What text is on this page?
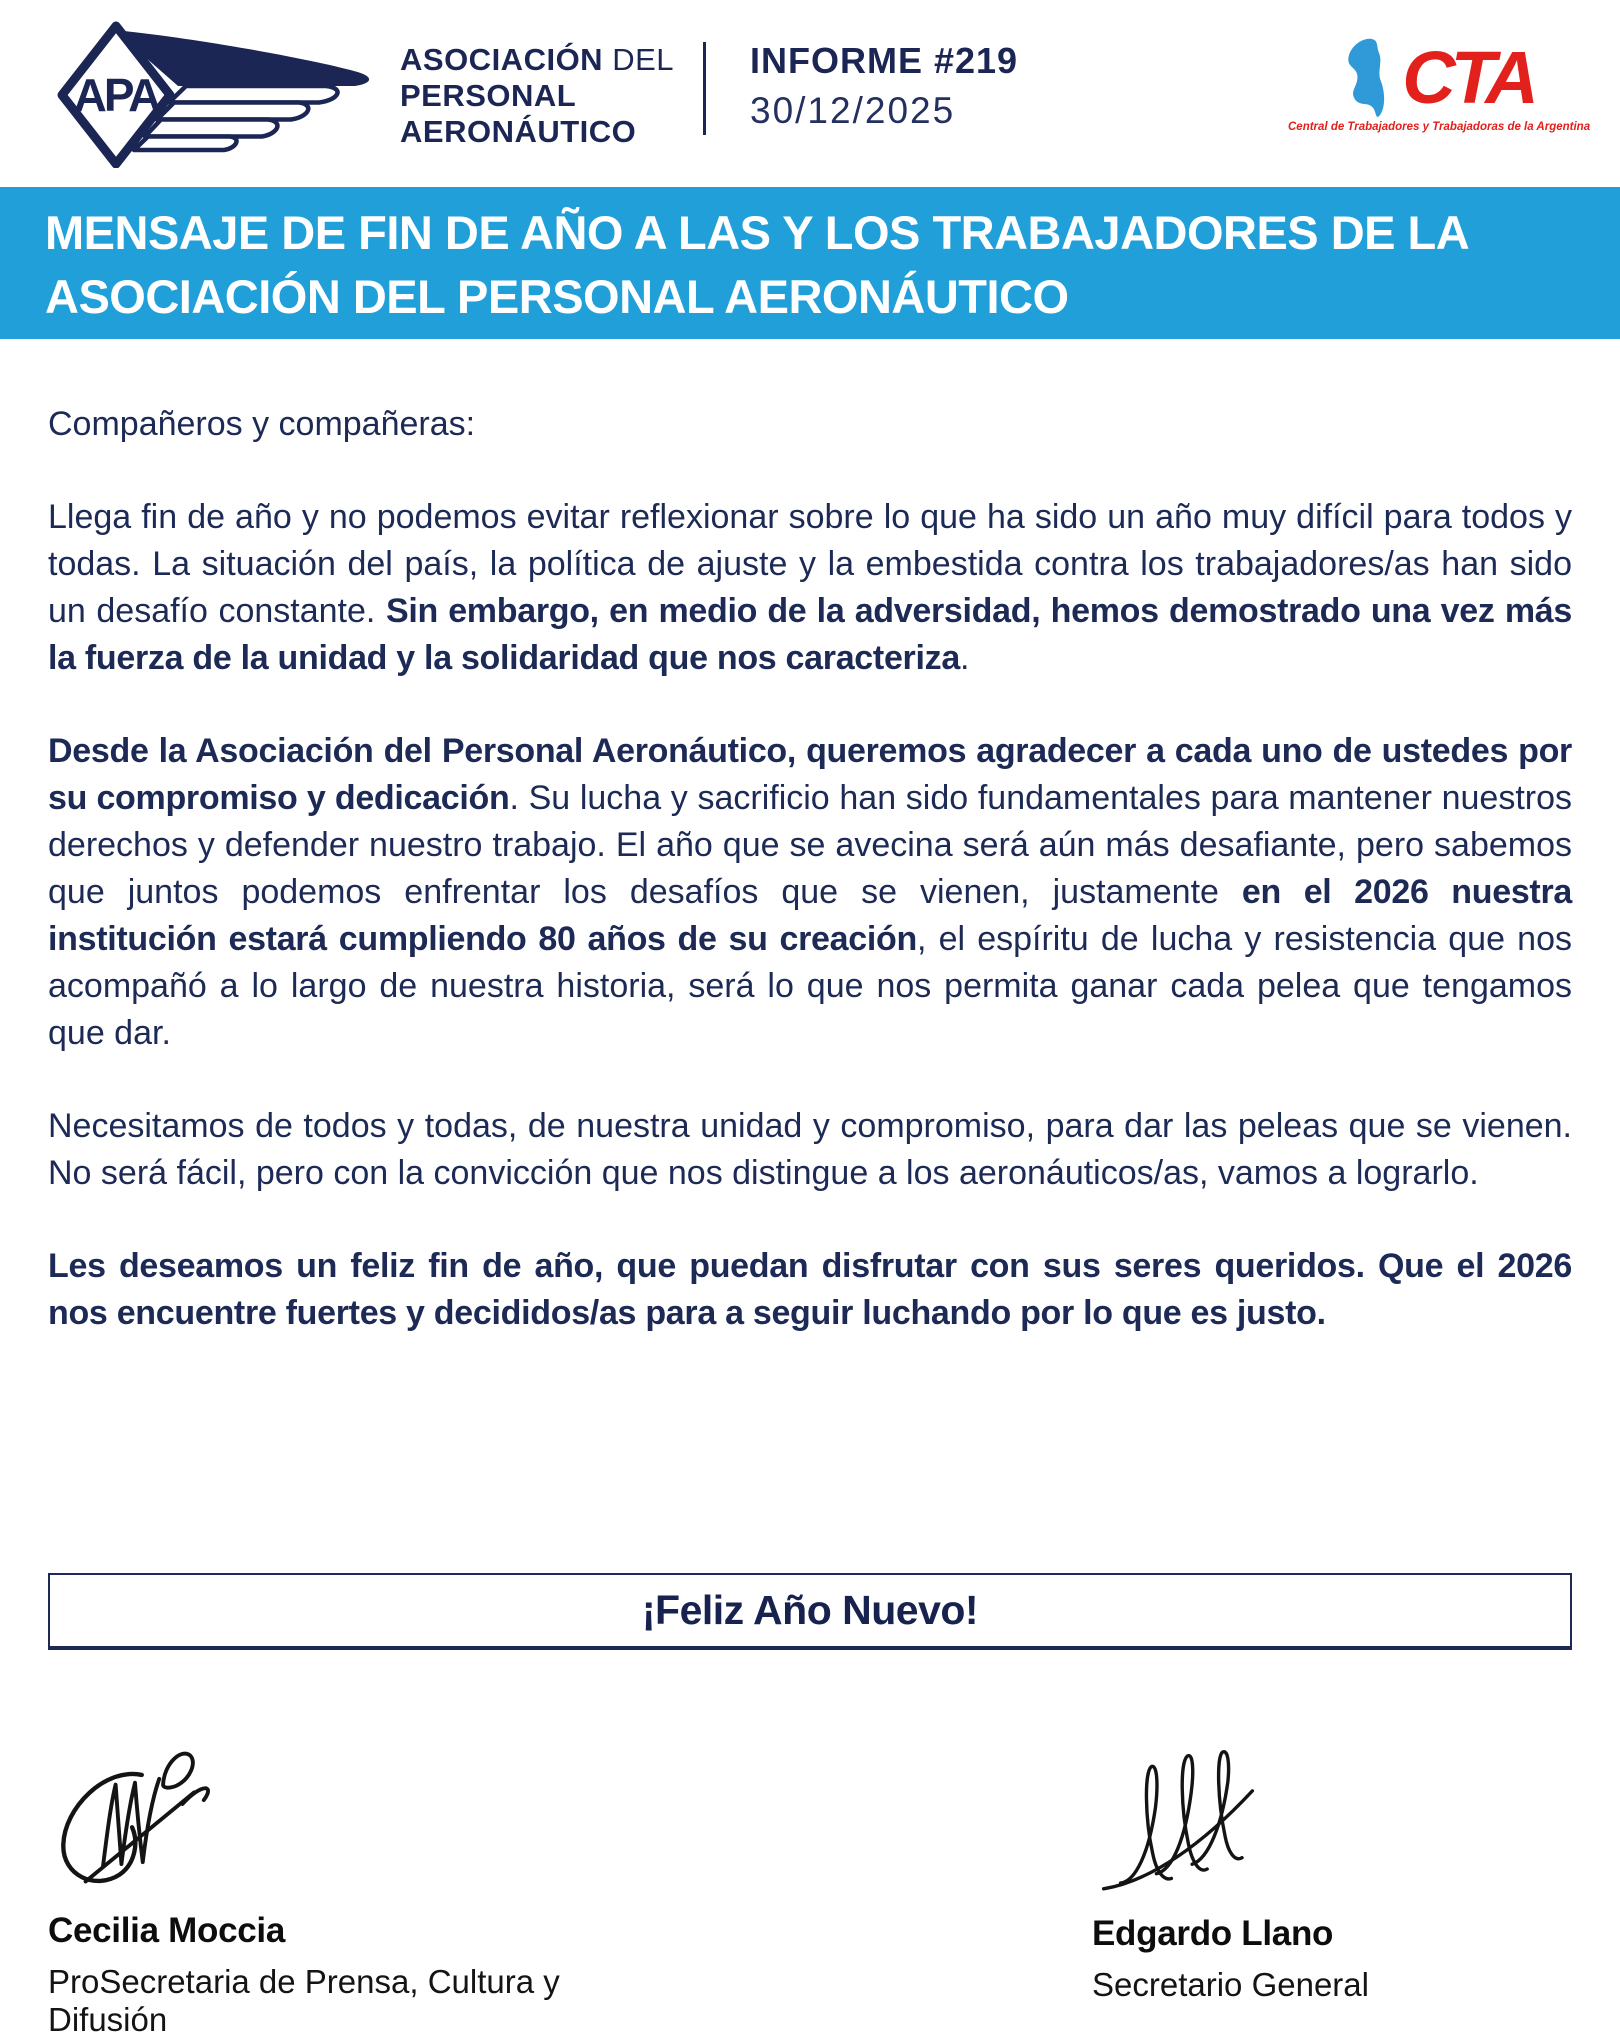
APA
ASOCIACIÓN DEL
PERSONAL
AERONÁUTICO
INFORME #219
30/12/2025	CTA
Central de Trabajadores y Trabajadoras de la Argentina
MENSAJE DE FIN DE AÑO A LAS Y LOS TRABAJADORES DE LA
ASOCIACIÓN DEL PERSONAL AERONÁUTICO

Compañeros y compañeras:

Llega fin de año y no podemos evitar reflexionar sobre lo que ha sido un año muy difícil para todos y todas. La situación del país, la política de ajuste y la embestida contra los trabajadores/as han sido un desafío constante. Sin embargo, en medio de la adversidad, hemos demostrado una vez más la fuerza de la unidad y la solidaridad que nos caracteriza.

Desde la Asociación del Personal Aeronáutico, queremos agradecer a cada uno de ustedes por su compromiso y dedicación. Su lucha y sacrificio han sido fundamentales para mantener nuestros derechos y defender nuestro trabajo. El año que se avecina será aún más desafiante, pero sabemos que juntos podemos enfrentar los desafíos que se vienen, justamente en el 2026 nuestra institución estará cumpliendo 80 años de su creación, el espíritu de lucha y resistencia que nos acompañó a lo largo de nuestra historia, será lo que nos permita ganar cada pelea que tengamos que dar.

Necesitamos de todos y todas, de nuestra unidad y compromiso, para dar las peleas que se vienen. No será fácil, pero con la convicción que nos distingue a los aeronáuticos/as, vamos a lograrlo.

Les deseamos un feliz fin de año, que puedan disfrutar con sus seres queridos. Que el 2026 nos encuentre fuertes y decididos/as para a seguir luchando por lo que es justo.

¡Feliz Año Nuevo!
Cecilia Moccia
ProSecretaria de Prensa, Cultura y Difusión
Edgardo Llano
Secretario General
